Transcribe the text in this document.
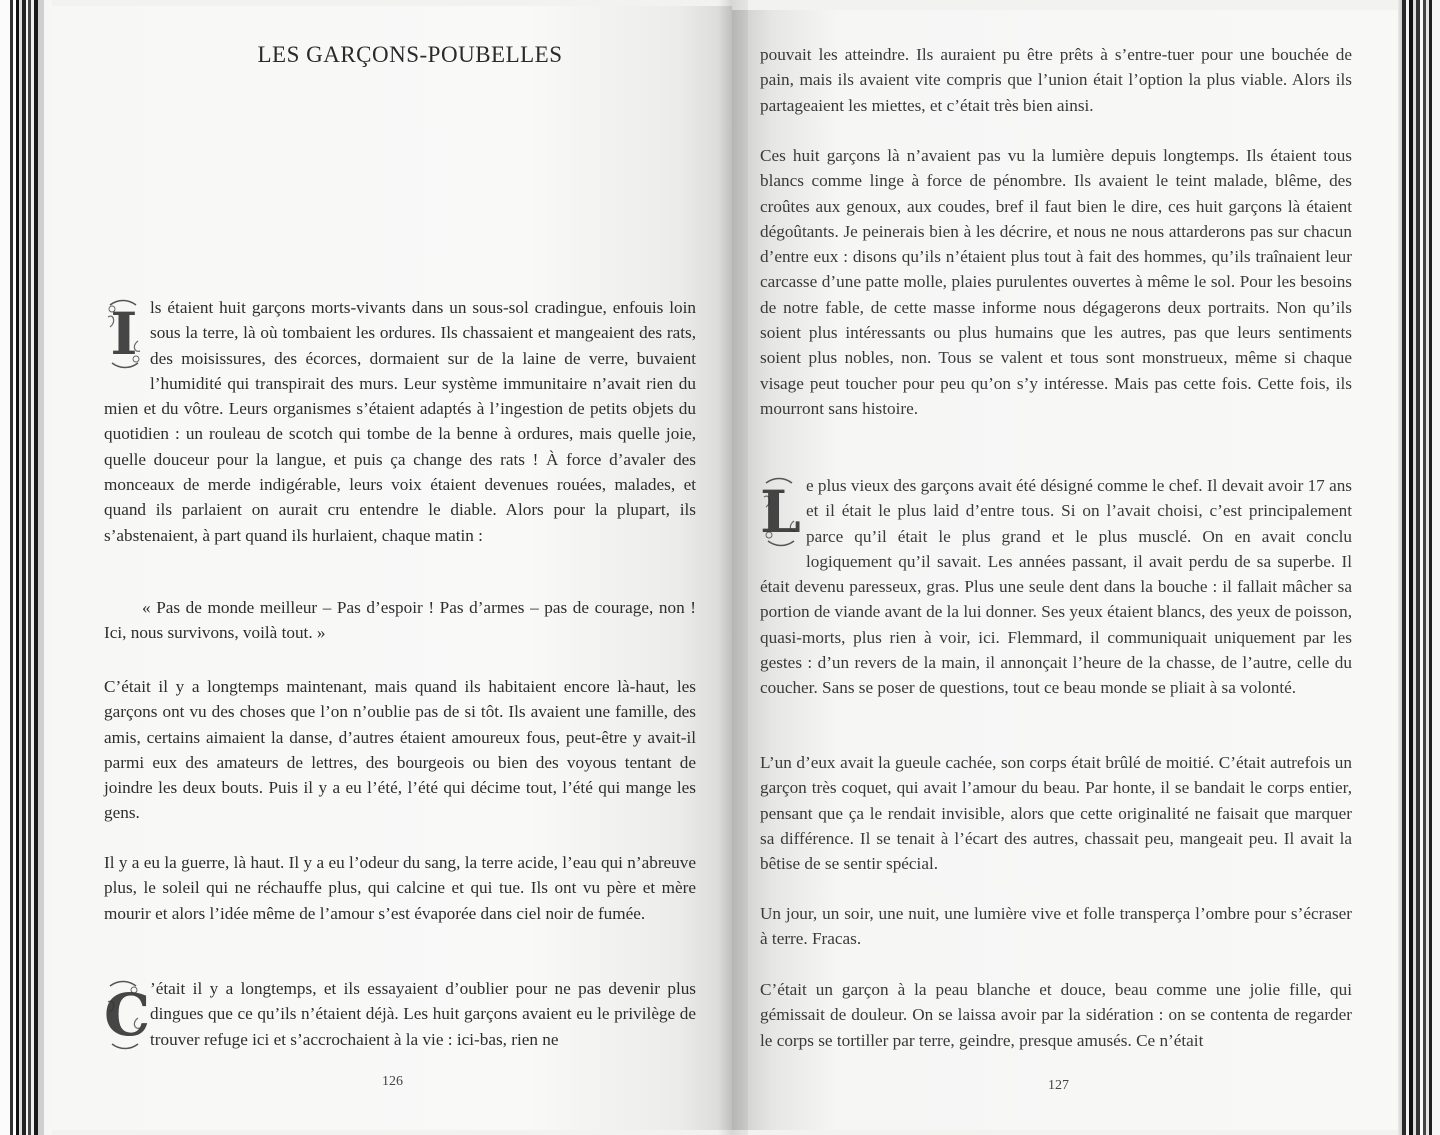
LES GARÇONS-POUBELLES
I ls étaient huit garçons morts-vivants dans un sous-sol cradingue, enfouis loin sous la terre, là où tombaient les ordures. Ils chassaient et mangeaient des rats, des moisissures, des écorces, dormaient sur de la laine de verre, buvaient l’humidité qui transpirait des murs. Leur système immunitaire n’avait rien du mien et du vôtre. Leurs organismes s’étaient adaptés à l’ingestion de petits objets du quotidien : un rouleau de scotch qui tombe de la benne à ordures, mais quelle joie, quelle douceur pour la langue, et puis ça change des rats ! À force d’avaler des monceaux de merde indigérable, leurs voix étaient devenues rouées, malades, et quand ils parlaient on aurait cru entendre le diable. Alors pour la plupart, ils s’abstenaient, à part quand ils hurlaient, chaque matin :

« Pas de monde meilleur – Pas d’espoir ! Pas d’armes – pas de courage, non ! Ici, nous survivons, voilà tout. »

C’était il y a longtemps maintenant, mais quand ils habitaient encore là-haut, les garçons ont vu des choses que l’on n’oublie pas de si tôt. Ils avaient une famille, des amis, certains aimaient la danse, d’autres étaient amoureux fous, peut-être y avait-il parmi eux des amateurs de lettres, des bourgeois ou bien des voyous tentant de joindre les deux bouts. Puis il y a eu l’été, l’été qui décime tout, l’été qui mange les gens.

Il y a eu la guerre, là haut. Il y a eu l’odeur du sang, la terre acide, l’eau qui n’abreuve plus, le soleil qui ne réchauffe plus, qui calcine et qui tue. Ils ont vu père et mère mourir et alors l’idée même de l’amour s’est évaporée dans ciel noir de fumée.

C ’était il y a longtemps, et ils essayaient d’oublier pour ne pas devenir plus dingues que ce qu’ils n’étaient déjà. Les huit garçons avaient eu le privilège de trouver refuge ici et s’accrochaient à la vie : ici-bas, rien ne

126

pouvait les atteindre. Ils auraient pu être prêts à s’entre-tuer pour une bouchée de pain, mais ils avaient vite compris que l’union était l’option la plus viable. Alors ils partageaient les miettes, et c’était très bien ainsi.

Ces huit garçons là n’avaient pas vu la lumière depuis longtemps. Ils étaient tous blancs comme linge à force de pénombre. Ils avaient le teint malade, blême, des croûtes aux genoux, aux coudes, bref il faut bien le dire, ces huit garçons là étaient dégoûtants. Je peinerais bien à les décrire, et nous ne nous attarderons pas sur chacun d’entre eux : disons qu’ils n’étaient plus tout à fait des hommes, qu’ils traînaient leur carcasse d’une patte molle, plaies purulentes ouvertes à même le sol. Pour les besoins de notre fable, de cette masse informe nous dégagerons deux portraits. Non qu’ils soient plus intéressants ou plus humains que les autres, pas que leurs sentiments soient plus nobles, non. Tous se valent et tous sont monstrueux, même si chaque visage peut toucher pour peu qu’on s’y intéresse. Mais pas cette fois. Cette fois, ils mourront sans histoire.

L e plus vieux des garçons avait été désigné comme le chef. Il devait avoir 17 ans et il était le plus laid d’entre tous. Si on l’avait choisi, c’est principalement parce qu’il était le plus grand et le plus musclé. On en avait conclu logiquement qu’il savait. Les années passant, il avait perdu de sa superbe. Il était devenu paresseux, gras. Plus une seule dent dans la bouche : il fallait mâcher sa portion de viande avant de la lui donner. Ses yeux étaient blancs, des yeux de poisson, quasi-morts, plus rien à voir, ici. Flemmard, il communiquait uniquement par les gestes : d’un revers de la main, il annonçait l’heure de la chasse, de l’autre, celle du coucher. Sans se poser de questions, tout ce beau monde se pliait à sa volonté.

L’un d’eux avait la gueule cachée, son corps était brûlé de moitié. C’était autrefois un garçon très coquet, qui avait l’amour du beau. Par honte, il se bandait le corps entier, pensant que ça le rendait invisible, alors que cette originalité ne faisait que marquer sa différence. Il se tenait à l’écart des autres, chassait peu, mangeait peu. Il avait la bêtise de se sentir spécial.

Un jour, un soir, une nuit, une lumière vive et folle transperça l’ombre pour s’écraser à terre. Fracas.

C’était un garçon à la peau blanche et douce, beau comme une jolie fille, qui gémissait de douleur. On se laissa avoir par la sidération : on se contenta de regarder le corps se tortiller par terre, geindre, presque amusés. Ce n’était

127
